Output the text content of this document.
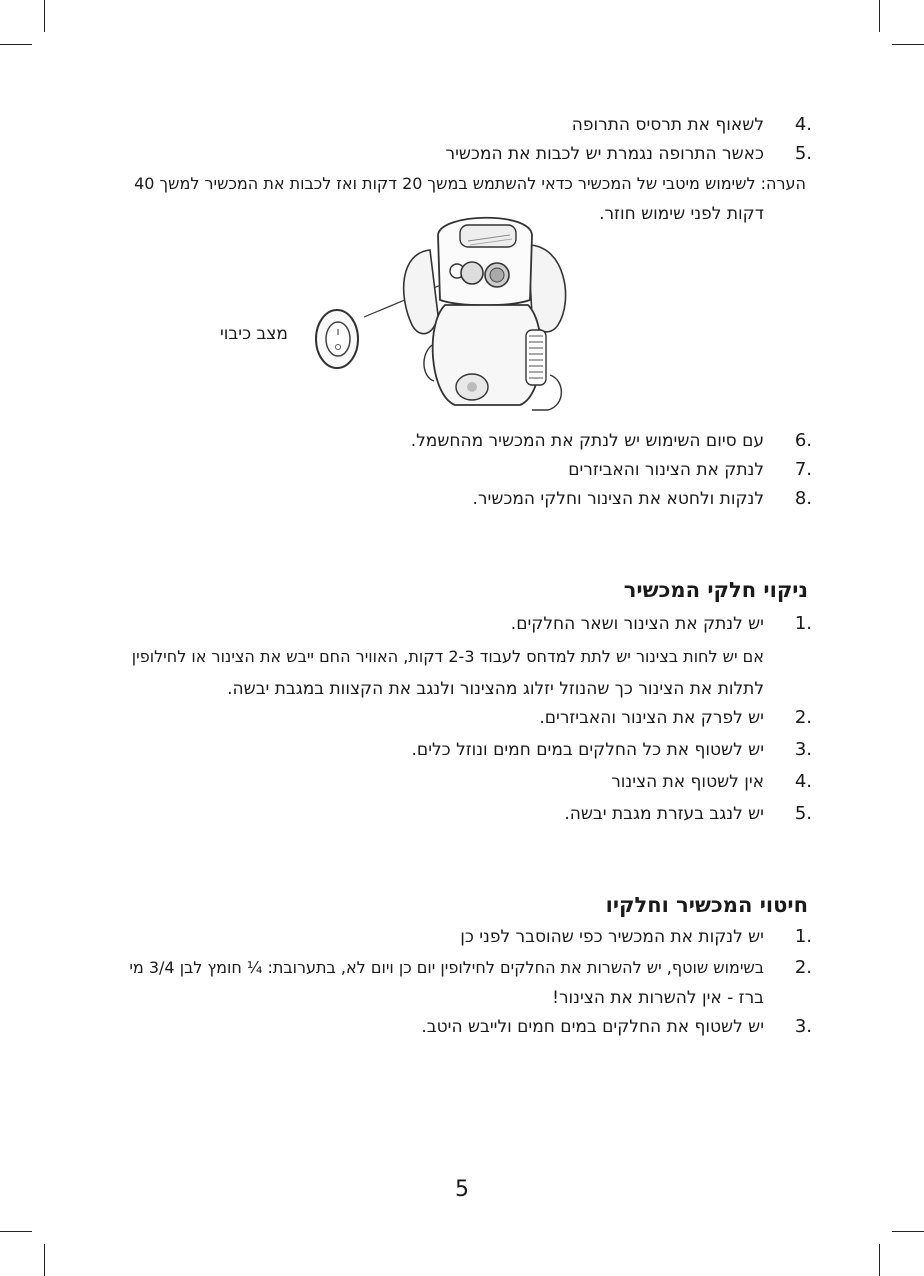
4.
לשאוף את תרסיס התרופה
5.
כאשר התרופה נגמרת יש לכבות את המכשיר
הערה: לשימוש מיטבי של המכשיר כדאי להשתמש במשך 20 דקות ואז לכבות את המכשיר למשך 40
דקות לפני שימוש חוזר.
מצב כיבוי
6.
עם סיום השימוש יש לנתק את המכשיר מהחשמל.
7.
לנתק את הצינור והאביזרים
8.
לנקות ולחטא את הצינור וחלקי המכשיר.
ניקוי חלקי המכשיר
1.
יש לנתק את הצינור ושאר החלקים.
אם יש לחות בצינור יש לתת למדחס לעבוד 2-3 דקות, האוויר החם ייבש את הצינור או לחילופין
לתלות את הצינור כך שהנוזל יזלוג מהצינור ולנגב את הקצוות במגבת יבשה.
2.
יש לפרק את הצינור והאביזרים.
3.
יש לשטוף את כל החלקים במים חמים ונוזל כלים.
4.
אין לשטוף את הצינור
5.
יש לנגב בעזרת מגבת יבשה.
חיטוי המכשיר וחלקיו
1.
יש לנקות את המכשיר כפי שהוסבר לפני כן
2.
בשימוש שוטף, יש להשרות את החלקים לחילופין יום כן ויום לא, בתערובת: ¼ חומץ לבן 3/4 מי
ברז - אין להשרות את הצינור!
3.
יש לשטוף את החלקים במים חמים ולייבש היטב.
5
